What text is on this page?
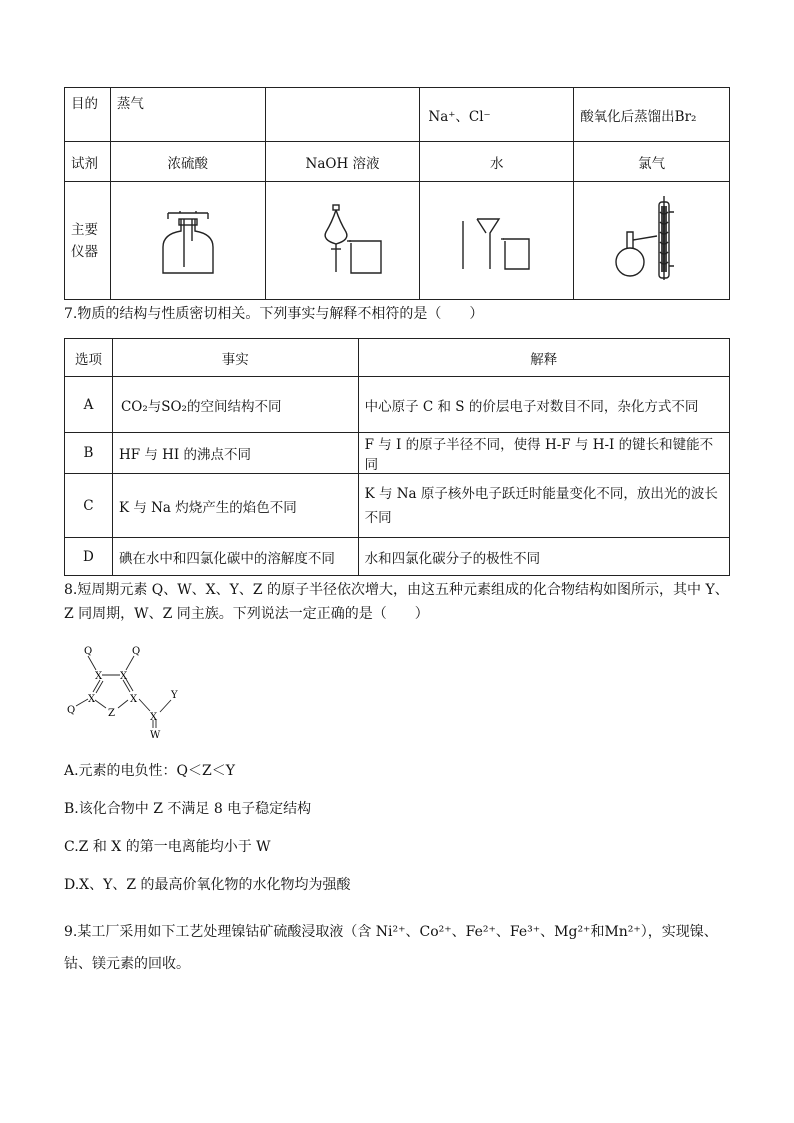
目的	蒸气		Na⁺、Cl⁻	酸氧化后蒸馏出Br₂
试剂	浓硫酸	NaOH 溶液	水	氯气

主要
仪器

7.物质的结构与性质密切相关。下列事实与解释不相符的是（　　）
选项	事实	解释
A	CO₂与SO₂的空间结构不同	中心原子 C 和 S 的价层电子对数目不同，杂化方式不同
B	HF 与 HI 的沸点不同	F 与 I 的原子半径不同，使得 H-F 与 H-I 的键长和键能不同
C	K 与 Na 灼烧产生的焰色不同	K 与 Na 原子核外电子跃迁时能量变化不同，放出光的波长
不同

D	碘在水中和四氯化碳中的溶解度不同	水和四氯化碳分子的极性不同
8.短周期元素 Q、W、X、Y、Z 的原子半径依次增大，由这五种元素组成的化合物结构如图所示，其中 Y、
Z 同周期，W、Z 同主族。下列说法一定正确的是（　　）
Q	Q
X X
X	X
Q	Z	X
Y
W
A.元素的电负性：Q＜Z＜Y
B.该化合物中 Z 不满足 8 电子稳定结构
C.Z 和 X 的第一电离能均小于 W
D.X、Y、Z 的最高价氧化物的水化物均为强酸
9.某工厂采用如下工艺处理镍钴矿硫酸浸取液（含 Ni²⁺、Co²⁺、Fe²⁺、Fe³⁺、Mg²⁺和Mn²⁺），实现镍、
钴、镁元素的回收。
